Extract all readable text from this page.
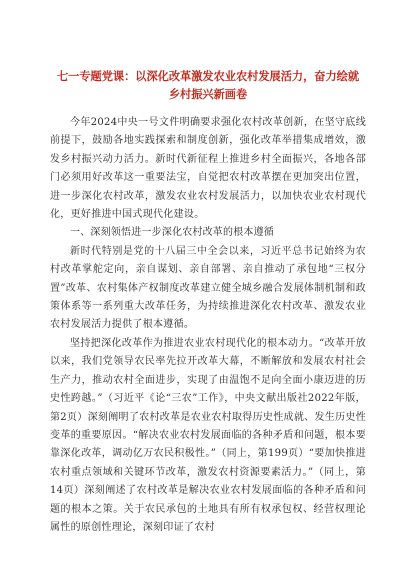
七一专题党课：以深化改革激发农业农村发展活力，奋力绘就乡村振兴新画卷

今年2024中央一号文件明确要求强化农村改革创新，在坚守底线前提下，鼓励各地实践探索和制度创新，强化改革举措集成增效，激发乡村振兴动力活力。新时代新征程上推进乡村全面振兴，各地各部门必须用好改革这一重要法宝，自觉把农村改革摆在更加突出位置，进一步深化农村改革，激发农业农村发展活力，以加快农业农村现代化，更好推进中国式现代化建设。

一、深刻领悟进一步深化农村改革的根本遵循

新时代特别是党的十八届三中全会以来，习近平总书记始终为农村改革掌舵定向，亲自谋划、亲自部署、亲自推动了承包地“三权分置”改革、农村集体产权制度改革建立健全城乡融合发展体制机制和政策体系等一系列重大改革任务，为持续推进深化农村改革、激发农业农村发展活力提供了根本遵循。

坚持把深化改革作为推进农业农村现代化的根本动力。“改革开放以来，我们党领导农民率先拉开改革大幕，不断解放和发展农村社会生产力，推动农村全面进步，实现了由温饱不足向全面小康迈进的历史性跨越。”（习近平《论“三农”工作》，中央文献出版社2022年版，第2页）深刻阐明了农村改革是农业农村取得历史性成就、发生历史性变革的重要原因。“解决农业农村发展面临的各种矛盾和问题，根本要靠深化改革，调动亿万农民积极性。”（同上，第199页）“要加快推进农村重点领域和关键环节改革，激发农村资源要素活力。”（同上，第14页）深刻阐述了农村改革是解决农业农村发展面临的各种矛盾和问题的根本之策。关于农民承包的土地具有所有权承包权、经营权理论属性的原创性理论，深刻印证了农村
